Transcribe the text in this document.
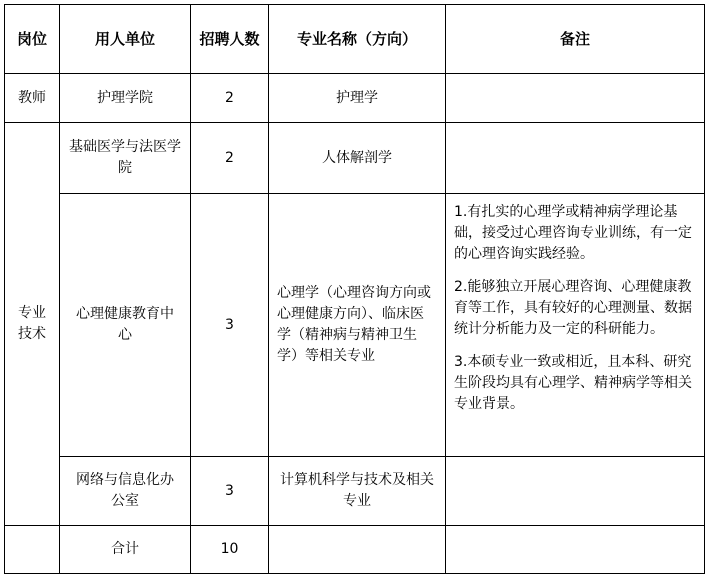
岗位	用人单位	招聘人数	专业名称（方向）	备注
教师	护理学院	2	护理学	
专业技术	基础医学与法医学院	2	人体解剖学	
	心理健康教育中心	3	心理学（心理咨询方向或心理健康方向）、临床医学（精神病与精神卫生学）等相关专业	1.有扎实的心理学或精神病学理论基础，接受过心理咨询专业训练，有一定的心理咨询实践经验。

2.能够独立开展心理咨询、心理健康教育等工作，具有较好的心理测量、数据统计分析能力及一定的科研能力。

3.本硕专业一致或相近，且本科、研究生阶段均具有心理学、精神病学等相关专业背景。

	网络与信息化办公室	3	计算机科学与技术及相关专业	
	合计	10		
